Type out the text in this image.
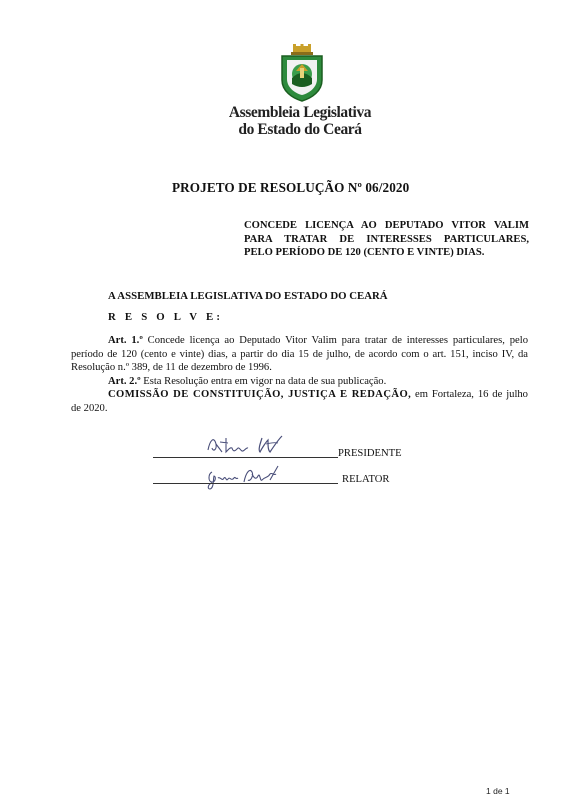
Assembleia Legislativa
do Estado do Ceará
PROJETO DE RESOLUÇÃO Nº 06/2020
CONCEDE LICENÇA AO DEPUTADO VITOR VALIM
PARA TRATAR DE INTERESSES PARTICULARES,
PELO PERÍODO DE 120 (CENTO E VINTE) DIAS.
A ASSEMBLEIA LEGISLATIVA DO ESTADO DO CEARÁ
R E S O L V E:
Art. 1.º Concede licença ao Deputado Vitor Valim para tratar de interesses particulares, pelo período de 120 (cento e vinte) dias, a partir do dia 15 de julho, de acordo com o art. 151, inciso IV, da Resolução n.º 389, de 11 de dezembro de 1996.
Art. 2.º Esta Resolução entra em vigor na data de sua publicação.
COMISSÃO DE CONSTITUIÇÃO, JUSTIÇA E REDAÇÃO, em Fortaleza, 16 de julho de 2020.
PRESIDENTE
RELATOR
1 de 1
